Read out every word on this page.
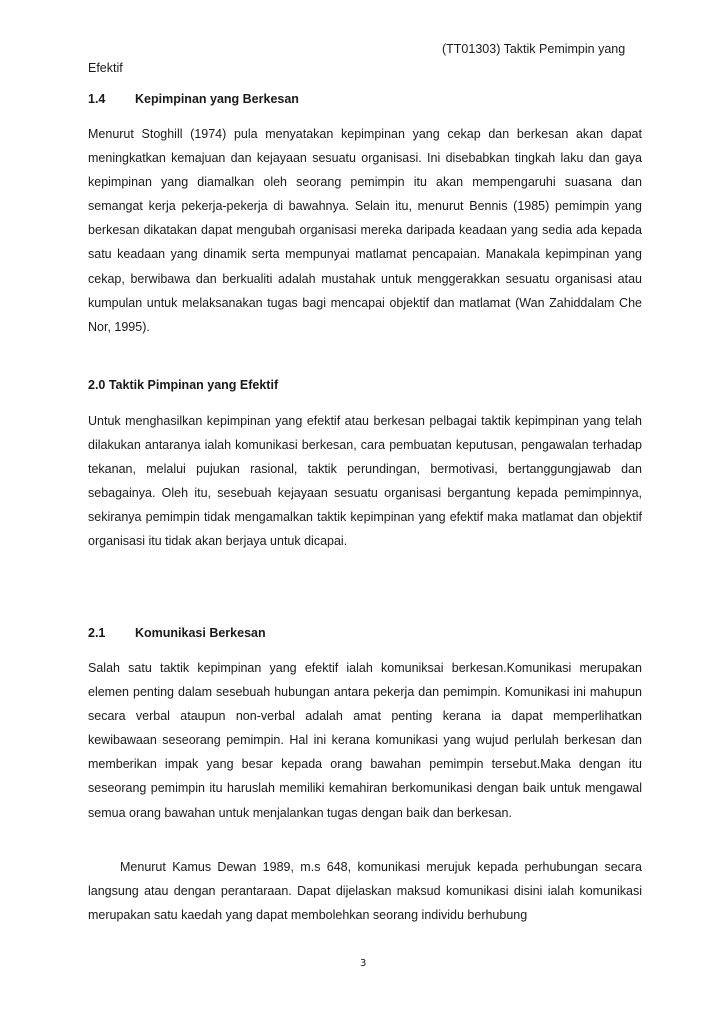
(TT01303) Taktik Pemimpin yang
Efektif
1.4 Kepimpinan yang Berkesan

Menurut Stoghill (1974) pula menyatakan kepimpinan yang cekap dan berkesan akan dapat meningkatkan kemajuan dan kejayaan sesuatu organisasi. Ini disebabkan tingkah laku dan gaya kepimpinan yang diamalkan oleh seorang pemimpin itu akan mempengaruhi suasana dan semangat kerja pekerja-pekerja di bawahnya. Selain itu, menurut Bennis (1985) pemimpin yang berkesan dikatakan dapat mengubah organisasi mereka daripada keadaan yang sedia ada kepada satu keadaan yang dinamik serta mempunyai matlamat pencapaian. Manakala kepimpinan yang cekap, berwibawa dan berkualiti adalah mustahak untuk menggerakkan sesuatu organisasi atau kumpulan untuk melaksanakan tugas bagi mencapai objektif dan matlamat (Wan Zahiddalam Che Nor, 1995).

2.0 Taktik Pimpinan yang Efektif

Untuk menghasilkan kepimpinan yang efektif atau berkesan pelbagai taktik kepimpinan yang telah dilakukan antaranya ialah komunikasi berkesan, cara pembuatan keputusan, pengawalan terhadap tekanan, melalui pujukan rasional, taktik perundingan, bermotivasi, bertanggungjawab dan sebagainya. Oleh itu, sesebuah kejayaan sesuatu organisasi bergantung kepada pemimpinnya, sekiranya pemimpin tidak mengamalkan taktik kepimpinan yang efektif maka matlamat dan objektif organisasi itu tidak akan berjaya untuk dicapai.

2.1 Komunikasi Berkesan

Salah satu taktik kepimpinan yang efektif ialah komuniksai berkesan.Komunikasi merupakan elemen penting dalam sesebuah hubungan antara pekerja dan pemimpin. Komunikasi ini mahupun secara verbal ataupun non-verbal adalah amat penting kerana ia dapat memperlihatkan kewibawaan seseorang pemimpin. Hal ini kerana komunikasi yang wujud perlulah berkesan dan memberikan impak yang besar kepada orang bawahan pemimpin tersebut.Maka dengan itu seseorang pemimpin itu haruslah memiliki kemahiran berkomunikasi dengan baik untuk mengawal semua orang bawahan untuk menjalankan tugas dengan baik dan berkesan.

Menurut Kamus Dewan 1989, m.s 648, komunikasi merujuk kepada perhubungan secara langsung atau dengan perantaraan. Dapat dijelaskan maksud komunikasi disini ialah komunikasi merupakan satu kaedah yang dapat membolehkan seorang individu berhubung

3
